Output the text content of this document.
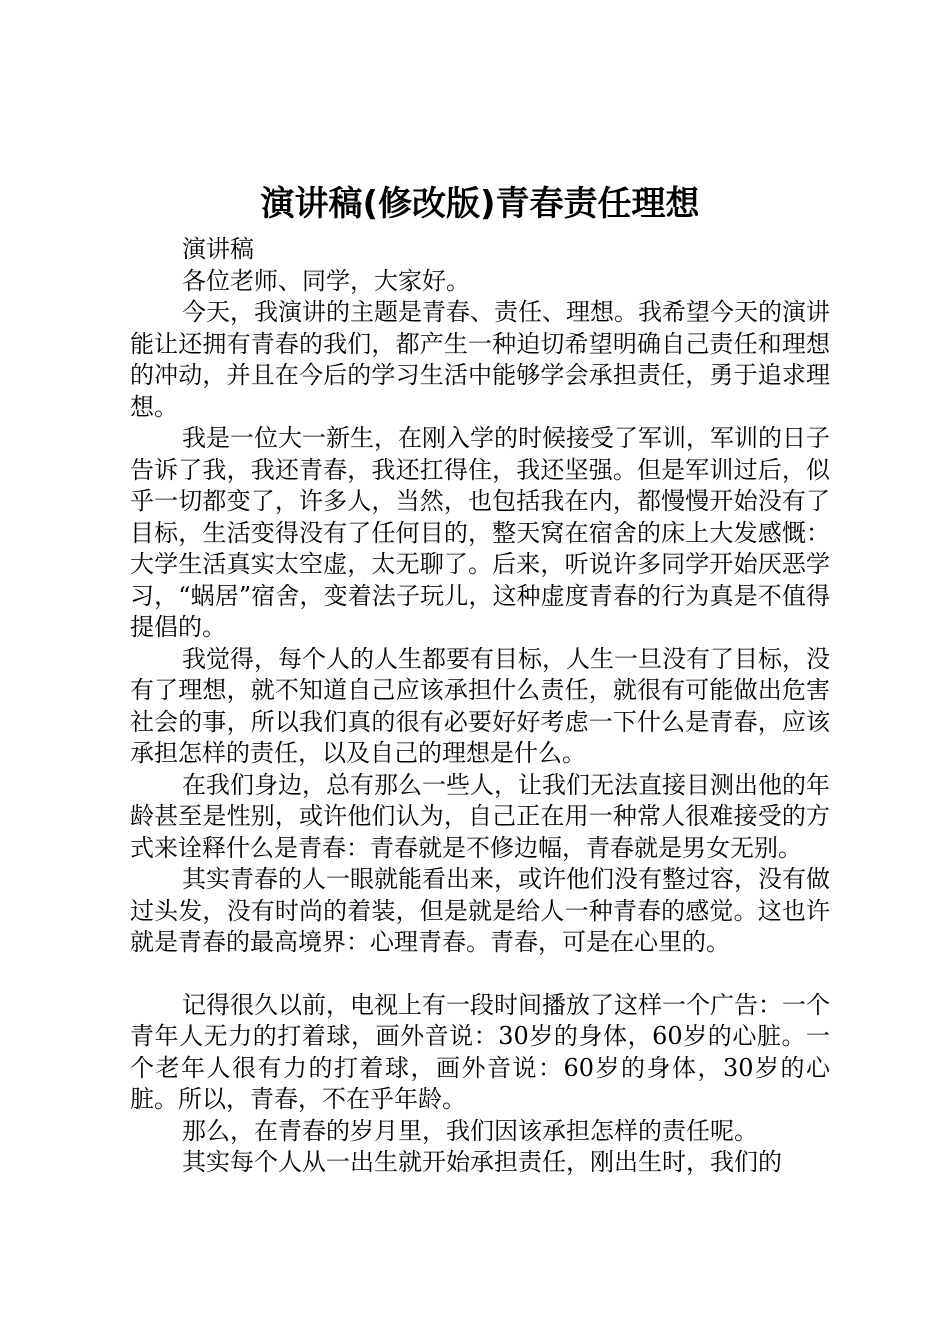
演讲稿(修改版)青春责任理想

演讲稿

各位老师、同学，大家好。

今天，我演讲的主题是青春、责任、理想。我希望今天的演讲能让还拥有青春的我们，都产生一种迫切希望明确自己责任和理想的冲动，并且在今后的学习生活中能够学会承担责任，勇于追求理想。

我是一位大一新生，在刚入学的时候接受了军训，军训的日子告诉了我，我还青春，我还扛得住，我还坚强。但是军训过后，似乎一切都变了，许多人，当然，也包括我在内，都慢慢开始没有了目标，生活变得没有了任何目的，整天窝在宿舍的床上大发感慨：大学生活真实太空虚，太无聊了。后来，听说许多同学开始厌恶学习，“蜗居”宿舍，变着法子玩儿，这种虚度青春的行为真是不值得提倡的。

我觉得，每个人的人生都要有目标，人生一旦没有了目标，没有了理想，就不知道自己应该承担什么责任，就很有可能做出危害社会的事，所以我们真的很有必要好好考虑一下什么是青春，应该承担怎样的责任，以及自己的理想是什么。

在我们身边，总有那么一些人，让我们无法直接目测出他的年龄甚至是性别，或许他们认为，自己正在用一种常人很难接受的方式来诠释什么是青春：青春就是不修边幅，青春就是男女无别。

其实青春的人一眼就能看出来，或许他们没有整过容，没有做过头发，没有时尚的着装，但是就是给人一种青春的感觉。这也许就是青春的最高境界：心理青春。青春，可是在心里的。

记得很久以前，电视上有一段时间播放了这样一个广告：一个青年人无力的打着球，画外音说：30岁的身体，60岁的心脏。一个老年人很有力的打着球，画外音说：60岁的身体，30岁的心脏。所以，青春，不在乎年龄。

那么，在青春的岁月里，我们因该承担怎样的责任呢。

其实每个人从一出生就开始承担责任，刚出生时，我们的
